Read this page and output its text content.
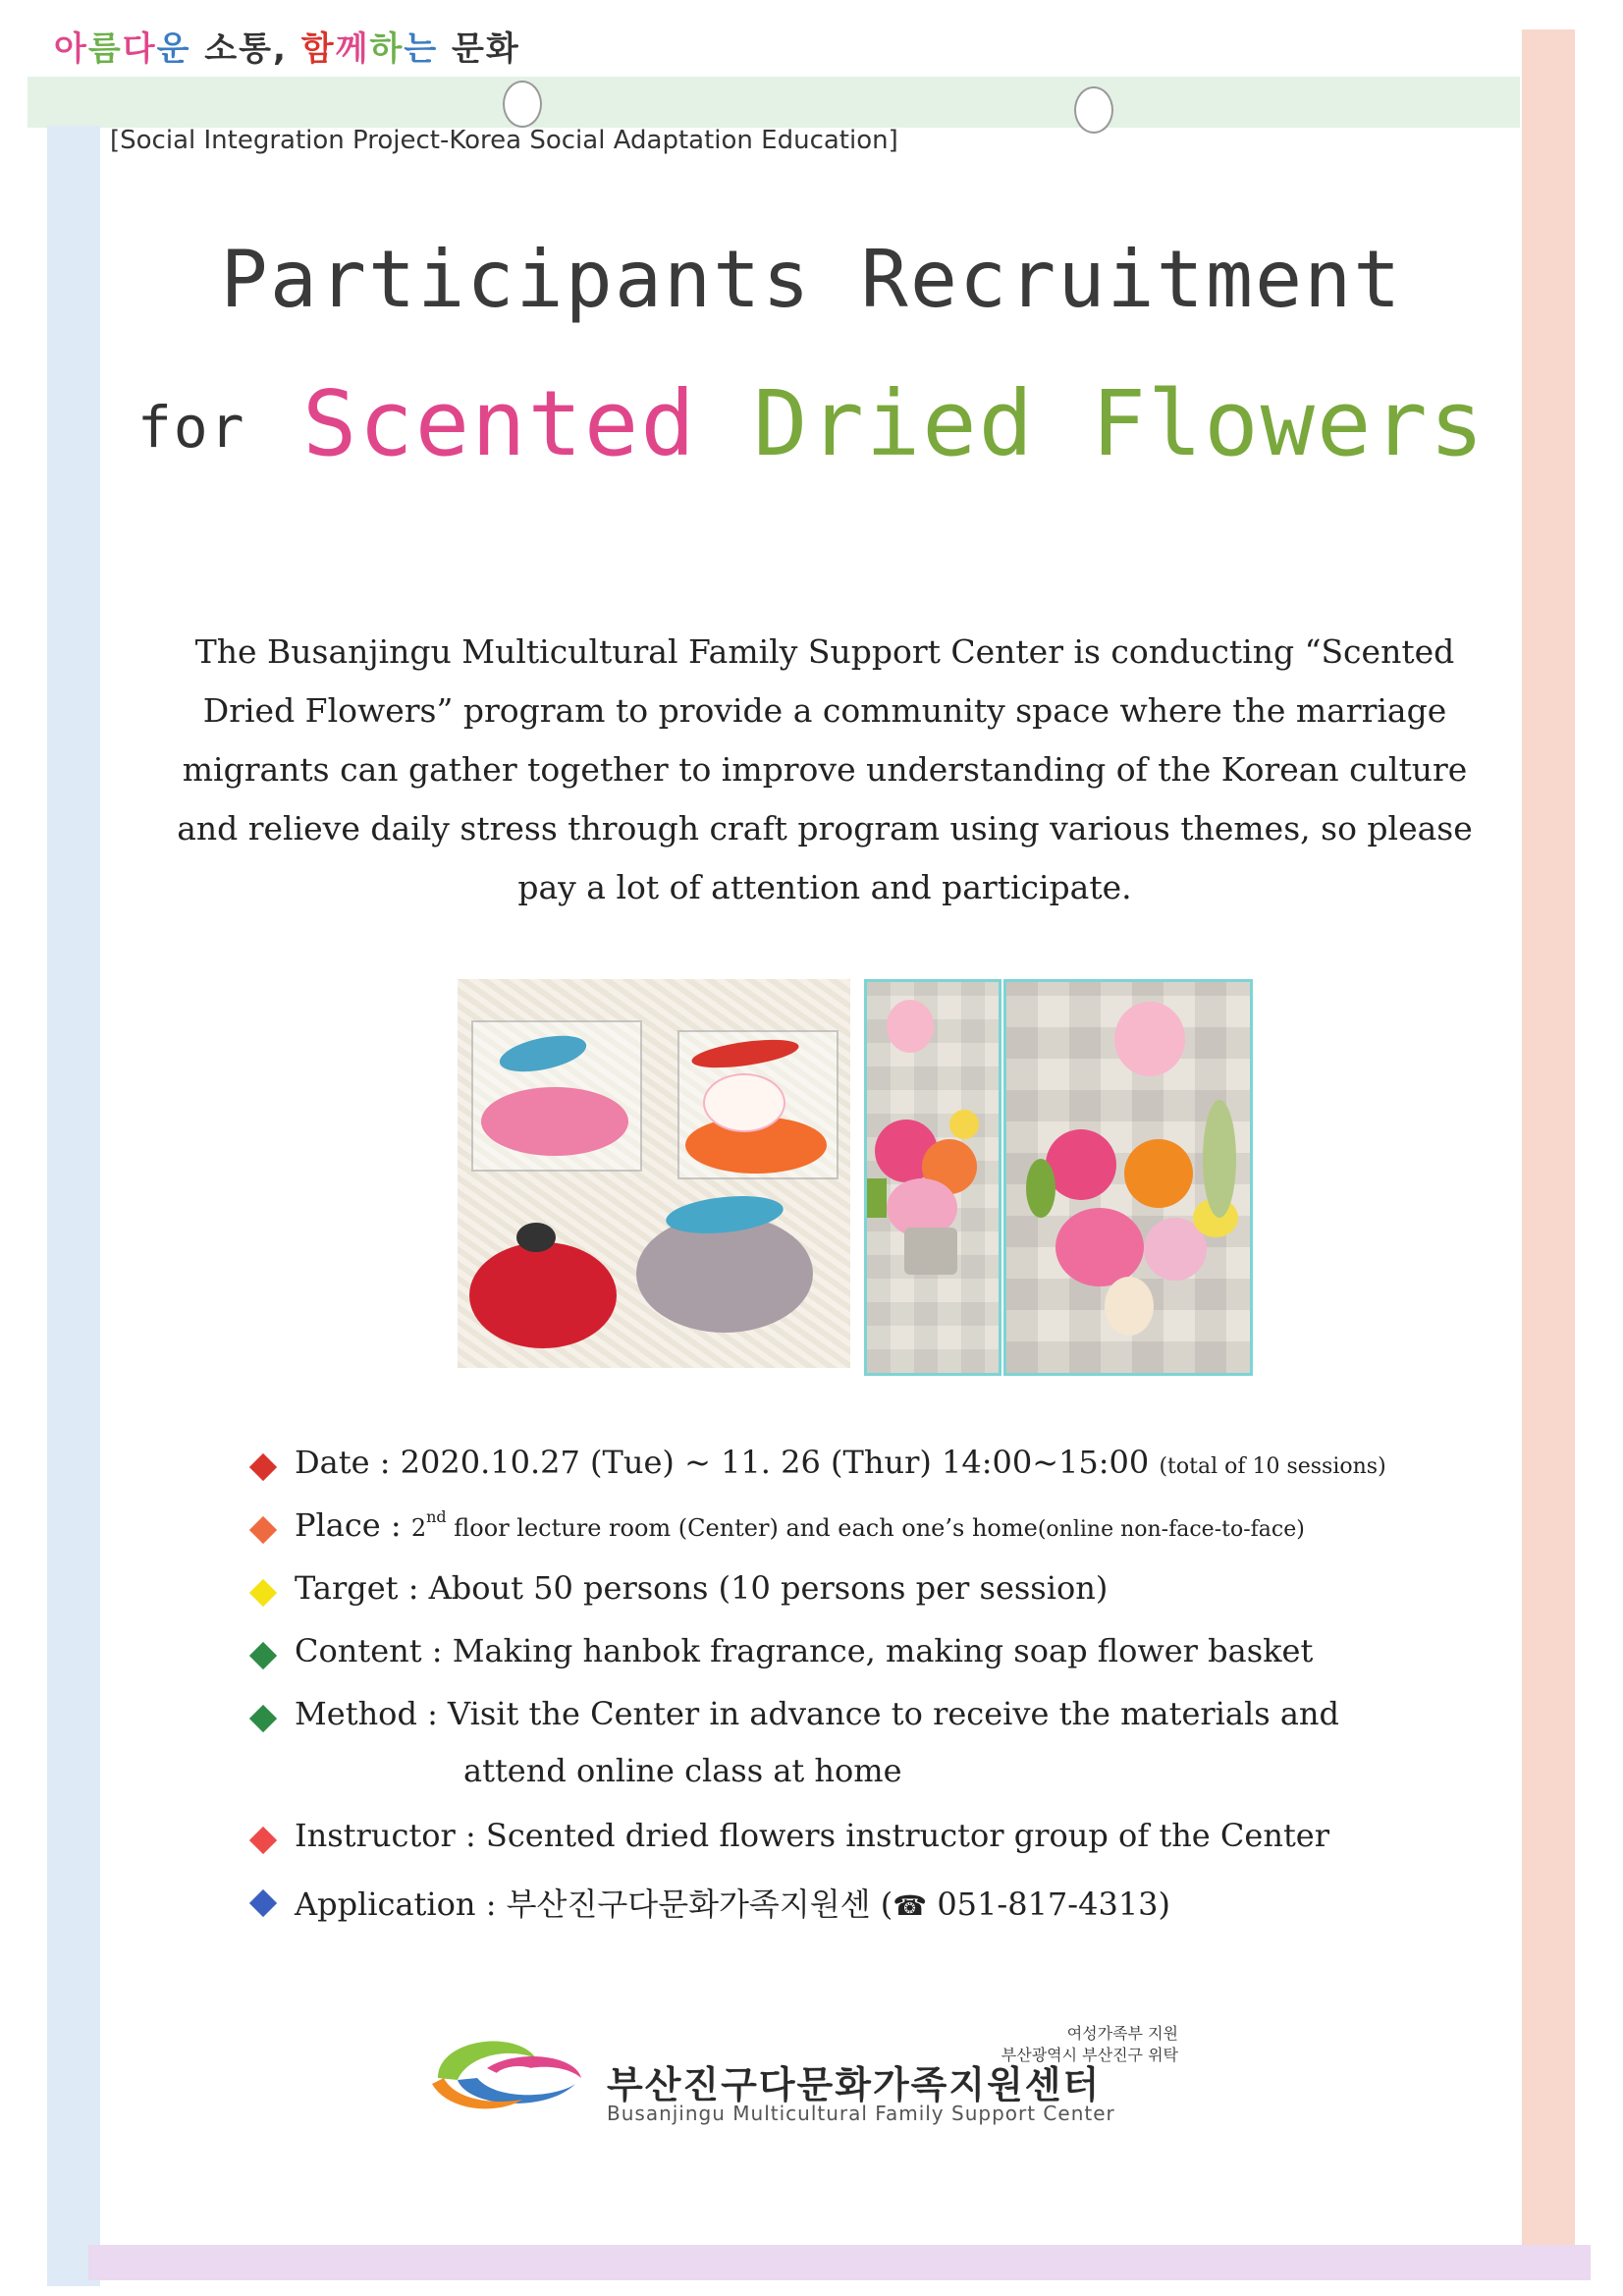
아름다운 소통, 함께하는 문화
[Social Integration Project-Korea Social Adaptation Education]
Participants Recruitment
for Scented Dried Flowers
The Busanjingu Multicultural Family Support Center is conducting “Scented Dried Flowers” program to provide a community space where the marriage migrants can gather together to improve understanding of the Korean culture and relieve daily stress through craft program using various themes, so please pay a lot of attention and participate.
Date : 2020.10.27 (Tue) ~ 11. 26 (Thur) 14:00~15:00 (total of 10 sessions)
Place : 2nd floor lecture room (Center) and each one’s home(online non-face-to-face)
Target : About 50 persons (10 persons per session)
Content : Making hanbok fragrance, making soap flower basket
Method : Visit the Center in advance to receive the materials and
attend online class at home
Instructor : Scented dried flowers instructor group of the Center
Application : 부산진구다문화가족지원센 (☎ 051-817-4313)
여성가족부 지원
부산광역시 부산진구 위탁
부산진구다문화가족지원센터
Busanjingu Multicultural Family Support Center
